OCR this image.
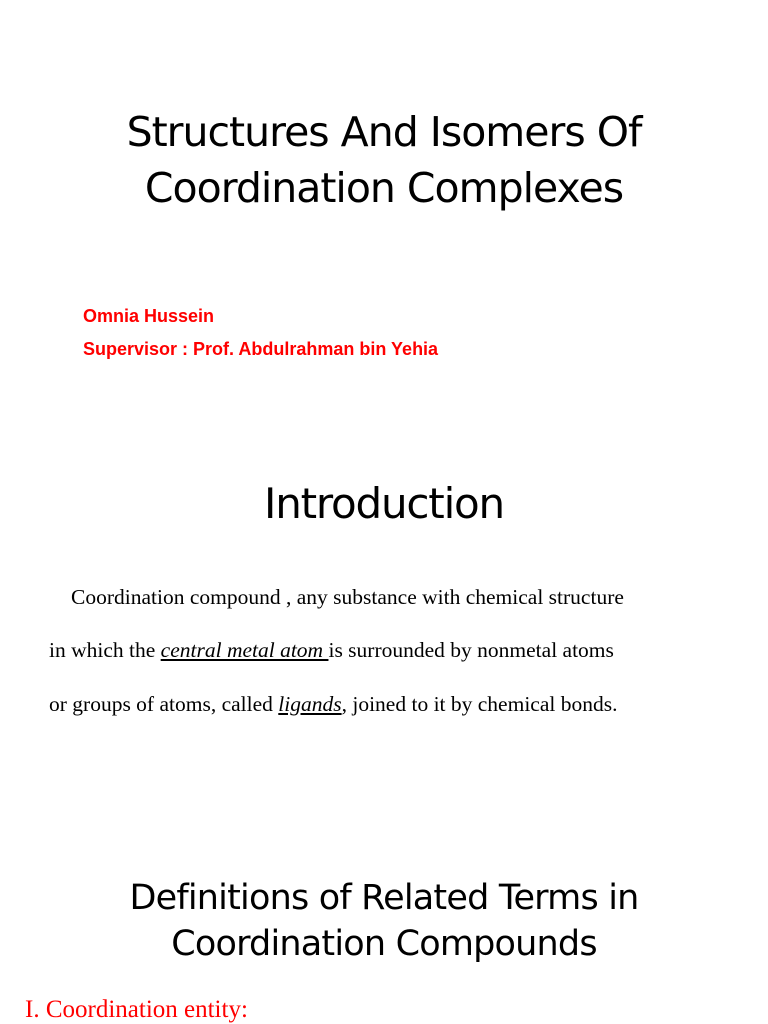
Structures And Isomers Of
Coordination Complexes

Omnia Hussein

Supervisor : Prof. Abdulrahman bin Yehia

Introduction

Coordination compound , any substance with chemical structure

in which the central metal atom is surrounded by nonmetal atoms

or groups of atoms, called ligands, joined to it by chemical bonds.

Definitions of Related Terms in
Coordination Compounds

I. Coordination entity:
